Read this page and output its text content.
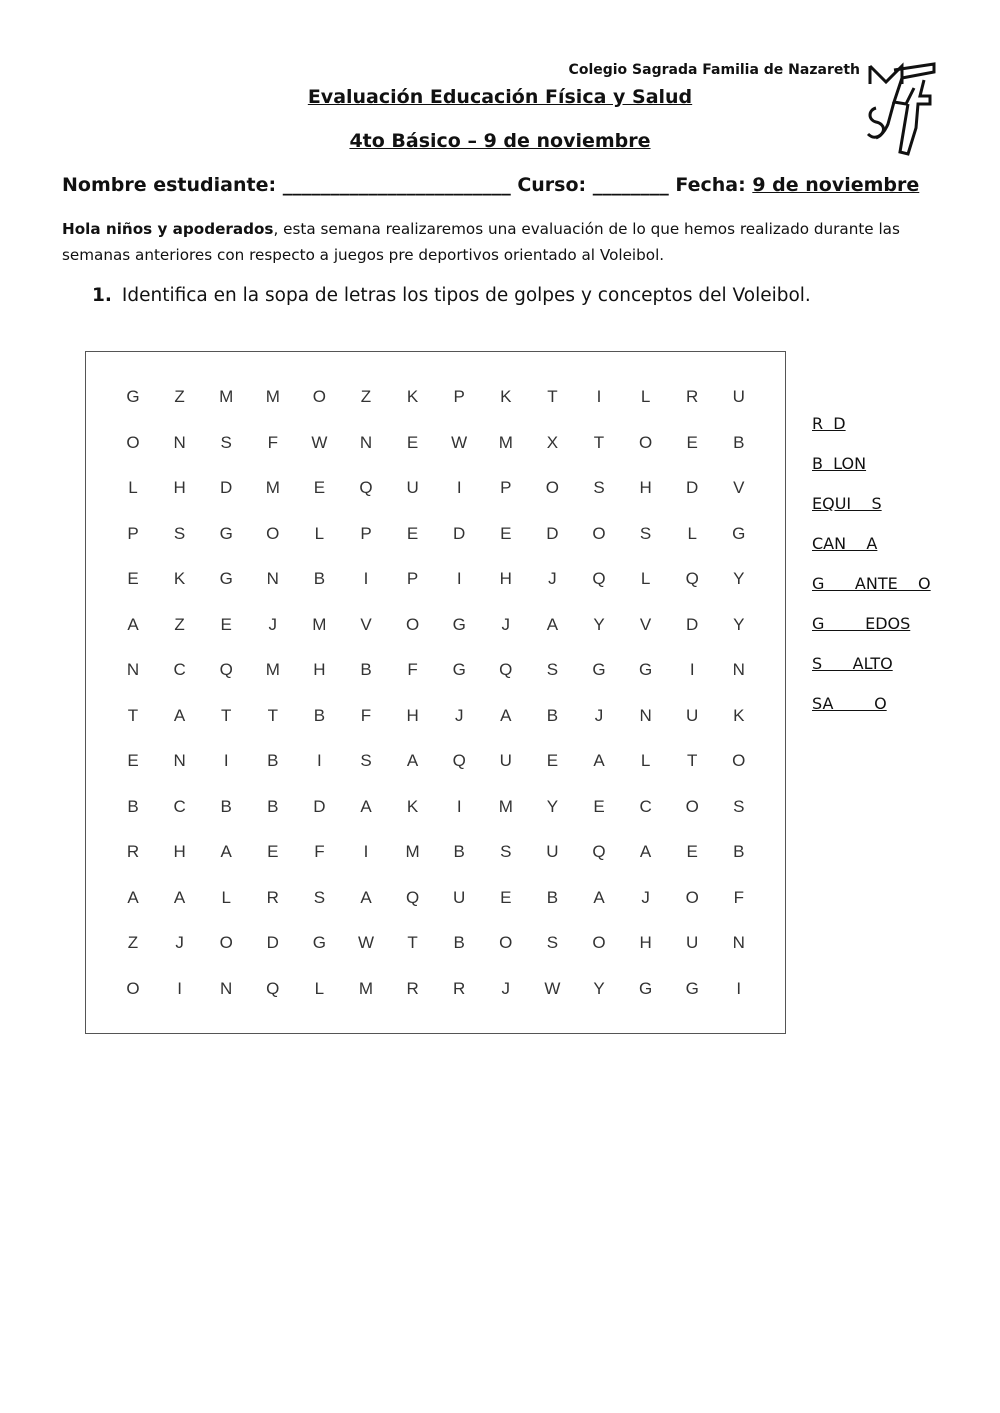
Colegio Sagrada Familia de Nazareth
Evaluación Educación Física y Salud
4to Básico – 9 de noviembre
Nombre estudiante: ________________________ Curso: ________ Fecha: 9 de noviembre
Hola niños y apoderados, esta semana realizaremos una evaluación de lo que hemos realizado durante las semanas anteriores con respecto a juegos pre deportivos orientado al Voleibol.
1. Identifica en la sopa de letras los tipos de golpes y conceptos del Voleibol.
G	Z	M	M	O	Z	K	P	K	T	I	L	R	U
O	N	S	F	W	N	E	W	M	X	T	O	E	B
L	H	D	M	E	Q	U	I	P	O	S	H	D	V
P	S	G	O	L	P	E	D	E	D	O	S	L	G
E	K	G	N	B	I	P	I	H	J	Q	L	Q	Y
A	Z	E	J	M	V	O	G	J	A	Y	V	D	Y
N	C	Q	M	H	B	F	G	Q	S	G	G	I	N
T	A	T	T	B	F	H	J	A	B	J	N	U	K
E	N	I	B	I	S	A	Q	U	E	A	L	T	O
B	C	B	B	D	A	K	I	M	Y	E	C	O	S
R	H	A	E	F	I	M	B	S	U	Q	A	E	B
A	A	L	R	S	A	Q	U	E	B	A	J	O	F
Z	J	O	D	G	W	T	B	O	S	O	H	U	N
O	I	N	Q	L	M	R	R	J	W	Y	G	G	I
R  D
B  LON
EQUI    S
CAN    A
G      ANTE    O
G        EDOS
S      ALTO
SA        O
